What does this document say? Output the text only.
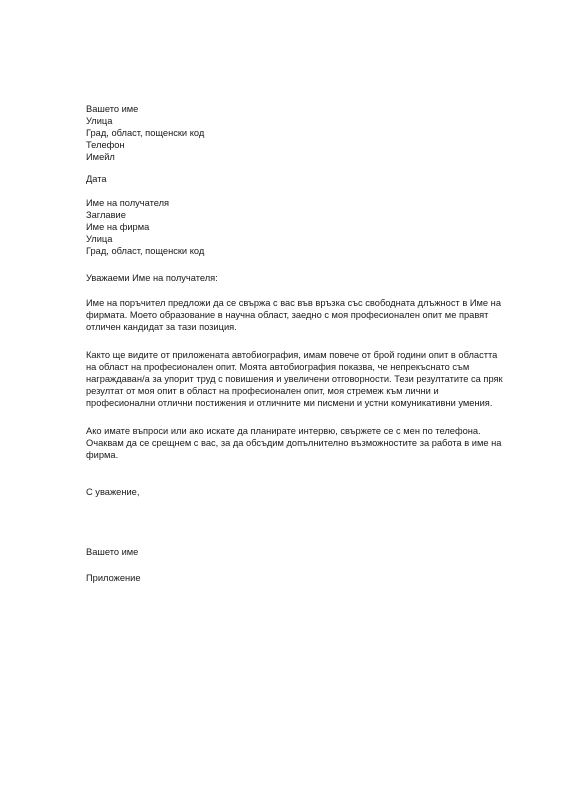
Вашето име
Улица
Град, област, пощенски код
Телефон
Имейл
Дата
Име на получателя
Заглавие
Име на фирма
Улица
Град, област, пощенски код
Уважаеми Име на получателя:
Име на поръчител предложи да се свържа с вас във връзка със свободната длъжност в Име на
фирмата. Моето образование в научна област, заедно с моя професионален опит ме правят
отличен кандидат за тази позиция.
Както ще видите от приложената автобиография, имам повече от брой години опит в областта
на област на професионален опит. Моята автобиография показва, че непрекъснато съм
награждаван/а за упорит труд с повишения и увеличени отговорности. Тези резултатите са пряк
резултат от моя опит в област на професионален опит, моя стремеж към лични и
професионални отлични постижения и отличните ми писмени и устни комуникативни умения.
Ако имате въпроси или ако искате да планирате интервю, свържете се с мен по телефона.
Очаквам да се срещнем с вас, за да обсъдим допълнително възможностите за работа в име на
фирма.
С уважение,
Вашето име
Приложение
